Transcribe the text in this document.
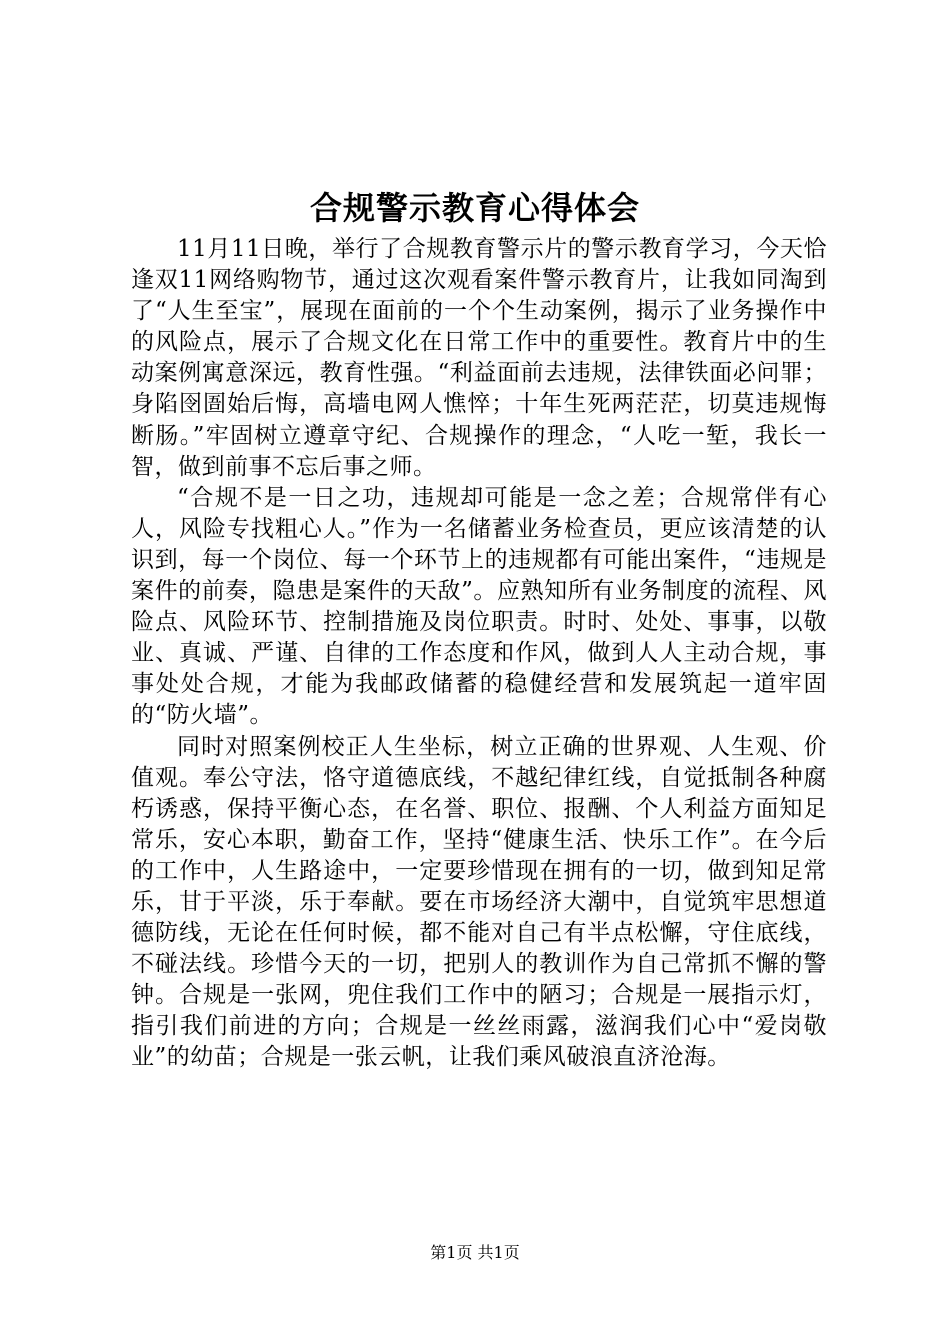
合规警示教育心得体会

11月11日晚，举行了合规教育警示片的警示教育学习，今天恰逢双11网络购物节，通过这次观看案件警示教育片，让我如同淘到了“人生至宝”，展现在面前的一个个生动案例，揭示了业务操作中的风险点，展示了合规文化在日常工作中的重要性。教育片中的生动案例寓意深远，教育性强。“利益面前去违规，法律铁面必问罪；身陷囹圄始后悔，高墙电网人憔悴；十年生死两茫茫，切莫违规悔断肠。”牢固树立遵章守纪、合规操作的理念，“人吃一堑，我长一智，做到前事不忘后事之师。

“合规不是一日之功，违规却可能是一念之差；合规常伴有心人，风险专找粗心人。”作为一名储蓄业务检查员，更应该清楚的认识到，每一个岗位、每一个环节上的违规都有可能出案件，“违规是案件的前奏，隐患是案件的天敌”。应熟知所有业务制度的流程、风险点、风险环节、控制措施及岗位职责。时时、处处、事事，以敬业、真诚、严谨、自律的工作态度和作风，做到人人主动合规，事事处处合规，才能为我邮政储蓄的稳健经营和发展筑起一道牢固的“防火墙”。

同时对照案例校正人生坐标，树立正确的世界观、人生观、价值观。奉公守法，恪守道德底线，不越纪律红线，自觉抵制各种腐朽诱惑，保持平衡心态，在名誉、职位、报酬、个人利益方面知足常乐，安心本职，勤奋工作，坚持“健康生活、快乐工作”。在今后的工作中，人生路途中，一定要珍惜现在拥有的一切，做到知足常乐，甘于平淡，乐于奉献。要在市场经济大潮中，自觉筑牢思想道德防线，无论在任何时候，都不能对自己有半点松懈，守住底线，不碰法线。珍惜今天的一切，把别人的教训作为自己常抓不懈的警钟。合规是一张网，兜住我们工作中的陋习；合规是一展指示灯，指引我们前进的方向；合规是一丝丝雨露，滋润我们心中“爱岗敬业”的幼苗；合规是一张云帆，让我们乘风破浪直济沧海。

第1页 共1页
